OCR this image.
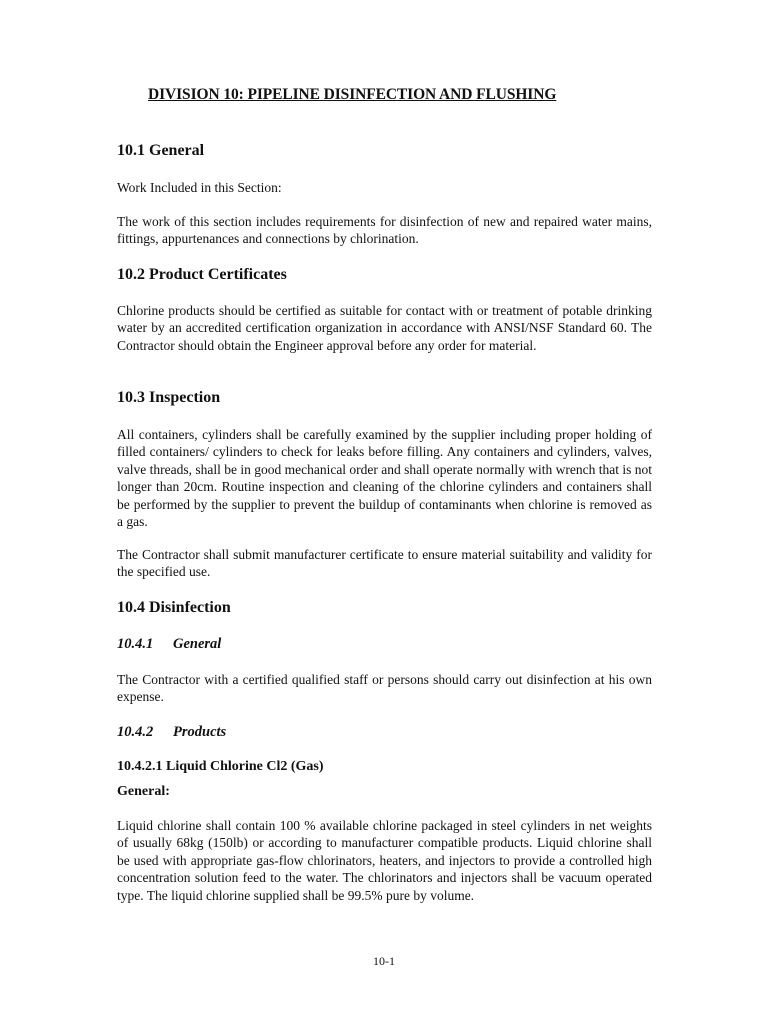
DIVISION 10: PIPELINE DISINFECTION AND FLUSHING
10.1 General

Work Included in this Section:

The work of this section includes requirements for disinfection of new and repaired water mains, fittings, appurtenances and connections by chlorination.

10.2 Product Certificates

Chlorine products should be certified as suitable for contact with or treatment of potable drinking water by an accredited certification organization in accordance with ANSI/NSF Standard 60. The Contractor should obtain the Engineer approval before any order for material.

10.3 Inspection

All containers, cylinders shall be carefully examined by the supplier including proper holding of filled containers/ cylinders to check for leaks before filling. Any containers and cylinders, valves, valve threads, shall be in good mechanical order and shall operate normally with wrench that is not longer than 20cm. Routine inspection and cleaning of the chlorine cylinders and containers shall be performed by the supplier to prevent the buildup of contaminants when chlorine is removed as a gas.

The Contractor shall submit manufacturer certificate to ensure material suitability and validity for the specified use.

10.4 Disinfection
10.4.1 General

The Contractor with a certified qualified staff or persons should carry out disinfection at his own expense.

10.4.2 Products
10.4.2.1 Liquid Chlorine Cl2 (Gas)
General:

Liquid chlorine shall contain 100 % available chlorine packaged in steel cylinders in net weights of usually 68kg (150lb) or according to manufacturer compatible products. Liquid chlorine shall be used with appropriate gas-flow chlorinators, heaters, and injectors to provide a controlled high concentration solution feed to the water. The chlorinators and injectors shall be vacuum operated type. The liquid chlorine supplied shall be 99.5% pure by volume.

10-1
